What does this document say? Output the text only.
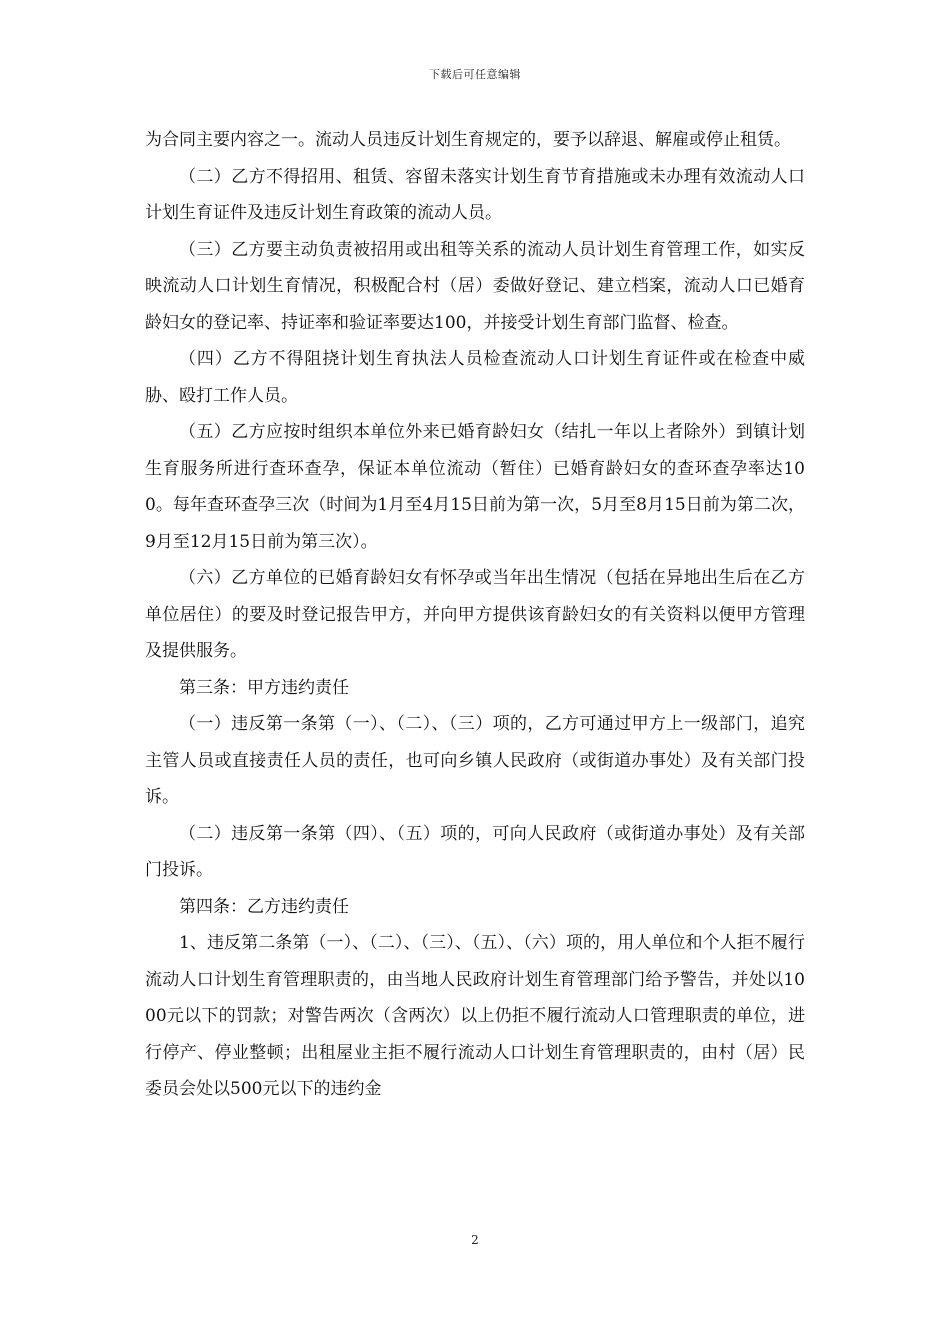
下载后可任意编辑

为合同主要内容之一。流动人员违反计划生育规定的，要予以辞退、解雇或停止租赁。

（二）乙方不得招用、租赁、容留未落实计划生育节育措施或未办理有效流动人口计划生育证件及违反计划生育政策的流动人员。

（三）乙方要主动负责被招用或出租等关系的流动人员计划生育管理工作，如实反映流动人口计划生育情况，积极配合村（居）委做好登记、建立档案，流动人口已婚育龄妇女的登记率、持证率和验证率要达100，并接受计划生育部门监督、检查。

（四）乙方不得阻挠计划生育执法人员检查流动人口计划生育证件或在检查中威胁、殴打工作人员。

（五）乙方应按时组织本单位外来已婚育龄妇女（结扎一年以上者除外）到镇计划生育服务所进行查环查孕，保证本单位流动（暂住）已婚育龄妇女的查环查孕率达100。每年查环查孕三次（时间为1月至4月15日前为第一次，5月至8月15日前为第二次，9月至12月15日前为第三次）。

（六）乙方单位的已婚育龄妇女有怀孕或当年出生情况（包括在异地出生后在乙方单位居住）的要及时登记报告甲方，并向甲方提供该育龄妇女的有关资料以便甲方管理及提供服务。

第三条：甲方违约责任

（一）违反第一条第（一）、（二）、（三）项的，乙方可通过甲方上一级部门，追究主管人员或直接责任人员的责任，也可向乡镇人民政府（或街道办事处）及有关部门投诉。

（二）违反第一条第（四）、（五）项的，可向人民政府（或街道办事处）及有关部门投诉。

第四条：乙方违约责任

1、违反第二条第（一）、（二）、（三）、（五）、（六）项的，用人单位和个人拒不履行流动人口计划生育管理职责的，由当地人民政府计划生育管理部门给予警告，并处以1000元以下的罚款；对警告两次（含两次）以上仍拒不履行流动人口管理职责的单位，进行停产、停业整顿；出租屋业主拒不履行流动人口计划生育管理职责的，由村（居）民委员会处以500元以下的违约金

2
